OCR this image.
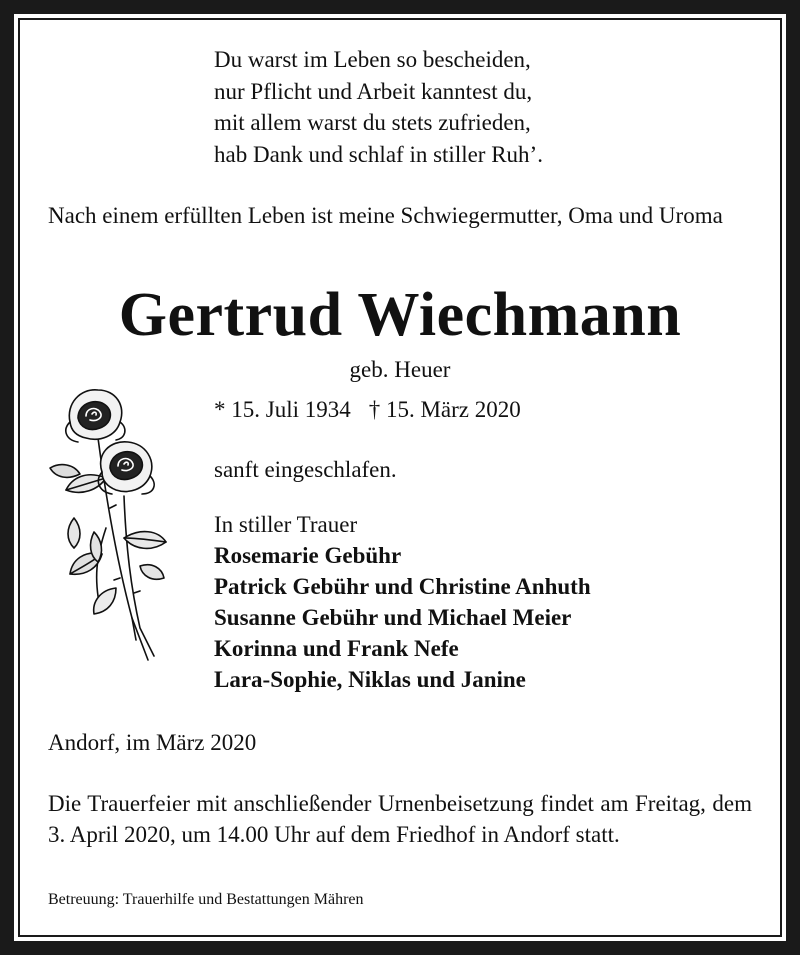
Du warst im Leben so bescheiden,
nur Pflicht und Arbeit kanntest du,
mit allem warst du stets zufrieden,
hab Dank und schlaf in stiller Ruh’.
Nach einem erfüllten Leben ist meine Schwiegermutter, Oma und Uroma
Gertrud Wiechmann
geb. Heuer
* 15. Juli 1934 † 15. März 2020
sanft eingeschlafen.
In stiller Trauer
Rosemarie Gebühr
Patrick Gebühr und Christine Anhuth
Susanne Gebühr und Michael Meier
Korinna und Frank Nefe
Lara-Sophie, Niklas und Janine
Andorf, im März 2020
Die Trauerfeier mit anschließender Urnenbeisetzung findet am Freitag, dem 3. April 2020, um 14.00 Uhr auf dem Friedhof in Andorf statt.
Betreuung: Trauerhilfe und Bestattungen Mähren
